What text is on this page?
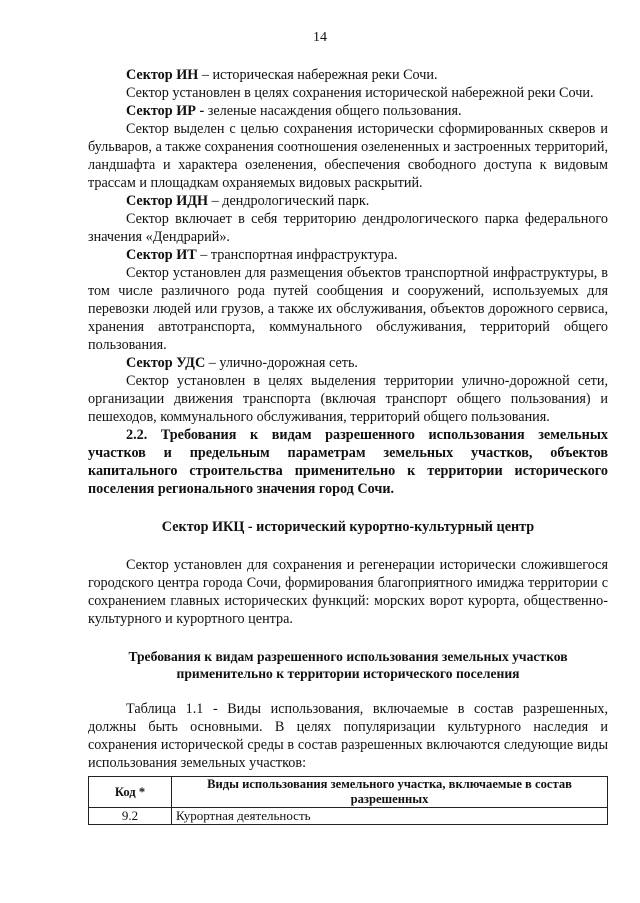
14

Сектор ИН – историческая набережная реки Сочи.

Сектор установлен в целях сохранения исторической набережной реки Сочи.

Сектор ИР - зеленые насаждения общего пользования.

Сектор выделен с целью сохранения исторически сформированных скверов и бульваров, а также сохранения соотношения озелененных и застроенных территорий, ландшафта и характера озеленения, обеспечения свободного доступа к видовым трассам и площадкам охраняемых видовых раскрытий.

Сектор ИДН – дендрологический парк.

Сектор включает в себя территорию дендрологического парка федерального значения «Дендрарий».

Сектор ИТ – транспортная инфраструктура.

Сектор установлен для размещения объектов транспортной инфраструктуры, в том числе различного рода путей сообщения и сооружений, используемых для перевозки людей или грузов, а также их обслуживания, объектов дорожного сервиса, хранения автотранспорта, коммунального обслуживания, территорий общего пользования.

Сектор УДС – улично-дорожная сеть.

Сектор установлен в целях выделения территории улично-дорожной сети, организации движения транспорта (включая транспорт общего пользования) и пешеходов, коммунального обслуживания, территорий общего пользования.

2.2. Требования к видам разрешенного использования земельных участков и предельным параметрам земельных участков, объектов капитального строительства применительно к территории исторического поселения регионального значения город Сочи.

Сектор ИКЦ - исторический курортно-культурный центр

Сектор установлен для сохранения и регенерации исторически сложившегося городского центра города Сочи, формирования благоприятного имиджа территории с сохранением главных исторических функций: морских ворот курорта, общественно-культурного и курортного центра.

Требования к видам разрешенного использования земельных участков применительно к территории исторического поселения

Таблица 1.1 - Виды использования, включаемые в состав разрешенных, должны быть основными. В целях популяризации культурного наследия и сохранения исторической среды в состав разрешенных включаются следующие виды использования земельных участков:

Код *	Виды использования земельного участка, включаемые в состав разрешенных
9.2	Курортная деятельность
